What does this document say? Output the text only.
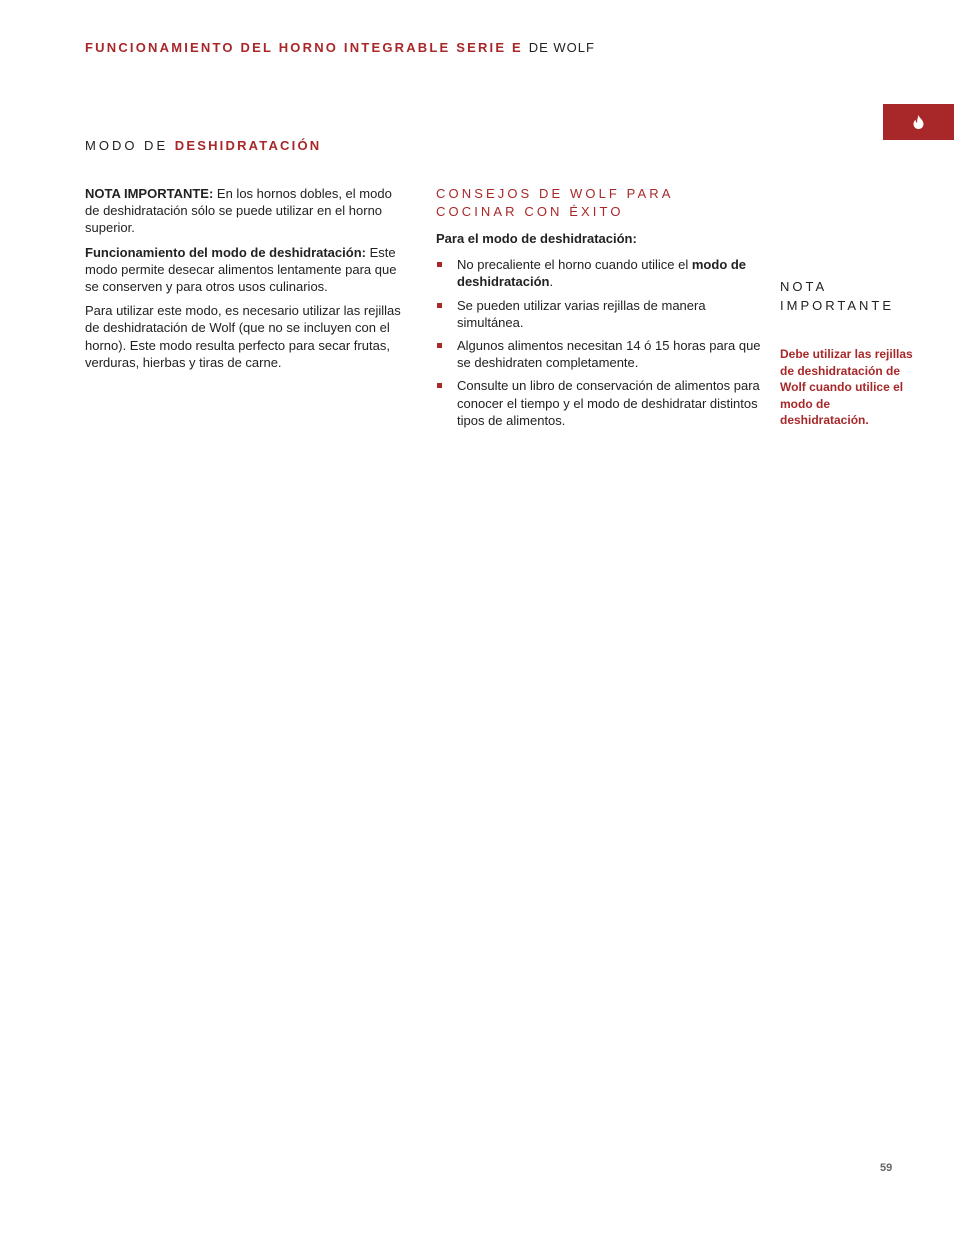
FUNCIONAMIENTO DEL HORNO INTEGRABLE SERIE E DE WOLF
MODO DE DESHIDRATACIÓN

NOTA IMPORTANTE: En los hornos dobles, el modo de deshidratación sólo se puede utilizar en el horno superior.

Funcionamiento del modo de deshidratación: Este modo permite desecar alimentos lentamente para que se conserven y para otros usos culinarios.

Para utilizar este modo, es necesario utilizar las rejillas de deshidratación de Wolf (que no se incluyen con el horno). Este modo resulta perfecto para secar frutas, verduras, hierbas y tiras de carne.

CONSEJOS DE WOLF PARA COCINAR CON ÉXITO
Para el modo de deshidratación:
No precaliente el horno cuando utilice el modo de deshidratación.
Se pueden utilizar varias rejillas de manera simultánea.
Algunos alimentos necesitan 14 ó 15 horas para que se deshidraten completamente.
Consulte un libro de conservación de alimentos para conocer el tiempo y el modo de deshidratar distintos tipos de alimentos.
NOTA
IMPORTANTE

Debe utilizar las rejillas de deshidratación de Wolf cuando utilice el modo de deshidratación.

59
